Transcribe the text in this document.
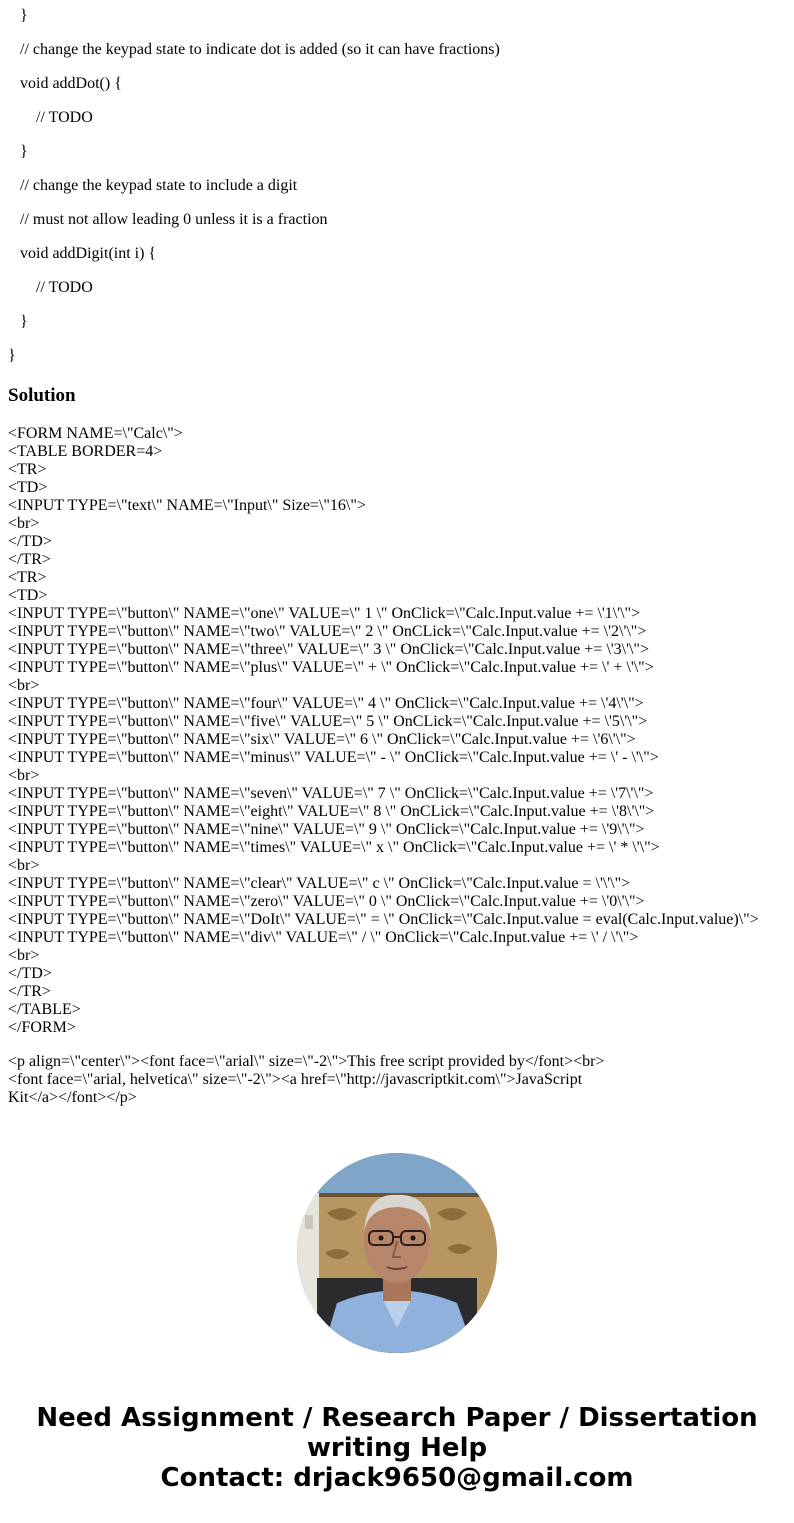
}
// change the keypad state to indicate dot is added (so it can have fractions)
void addDot() {
// TODO
}
// change the keypad state to include a digit
// must not allow leading 0 unless it is a fraction
void addDigit(int i) {
// TODO
}
}
Solution
<FORM NAME=\"Calc\">
<TABLE BORDER=4>
<TR>
<TD>
<INPUT TYPE=\"text\" NAME=\"Input\" Size=\"16\">
<br>
</TD>
</TR>
<TR>
<TD>
<INPUT TYPE=\"button\" NAME=\"one\" VALUE=\" 1 \" OnClick=\"Calc.Input.value += \'1\'\">
<INPUT TYPE=\"button\" NAME=\"two\" VALUE=\" 2 \" OnCLick=\"Calc.Input.value += \'2\'\">
<INPUT TYPE=\"button\" NAME=\"three\" VALUE=\" 3 \" OnClick=\"Calc.Input.value += \'3\'\">
<INPUT TYPE=\"button\" NAME=\"plus\" VALUE=\" + \" OnClick=\"Calc.Input.value += \' + \'\">
<br>
<INPUT TYPE=\"button\" NAME=\"four\" VALUE=\" 4 \" OnClick=\"Calc.Input.value += \'4\'\">
<INPUT TYPE=\"button\" NAME=\"five\" VALUE=\" 5 \" OnCLick=\"Calc.Input.value += \'5\'\">
<INPUT TYPE=\"button\" NAME=\"six\" VALUE=\" 6 \" OnClick=\"Calc.Input.value += \'6\'\">
<INPUT TYPE=\"button\" NAME=\"minus\" VALUE=\" - \" OnClick=\"Calc.Input.value += \' - \'\">
<br>
<INPUT TYPE=\"button\" NAME=\"seven\" VALUE=\" 7 \" OnClick=\"Calc.Input.value += \'7\'\">
<INPUT TYPE=\"button\" NAME=\"eight\" VALUE=\" 8 \" OnCLick=\"Calc.Input.value += \'8\'\">
<INPUT TYPE=\"button\" NAME=\"nine\" VALUE=\" 9 \" OnClick=\"Calc.Input.value += \'9\'\">
<INPUT TYPE=\"button\" NAME=\"times\" VALUE=\" x \" OnClick=\"Calc.Input.value += \' * \'\">
<br>
<INPUT TYPE=\"button\" NAME=\"clear\" VALUE=\" c \" OnClick=\"Calc.Input.value = \'\'\">
<INPUT TYPE=\"button\" NAME=\"zero\" VALUE=\" 0 \" OnClick=\"Calc.Input.value += \'0\'\">
<INPUT TYPE=\"button\" NAME=\"DoIt\" VALUE=\" = \" OnClick=\"Calc.Input.value = eval(Calc.Input.value)\">
<INPUT TYPE=\"button\" NAME=\"div\" VALUE=\" / \" OnClick=\"Calc.Input.value += \' / \'\">
<br>
</TD>
</TR>
</TABLE>
</FORM>
<p align=\"center\"><font face=\"arial\" size=\"-2\">This free script provided by</font><br>
<font face=\"arial, helvetica\" size=\"-2\"><a href=\"http://javascriptkit.com\">JavaScript
Kit</a></font></p>
Need Assignment / Research Paper / Dissertation
writing Help
Contact: drjack9650@gmail.com
